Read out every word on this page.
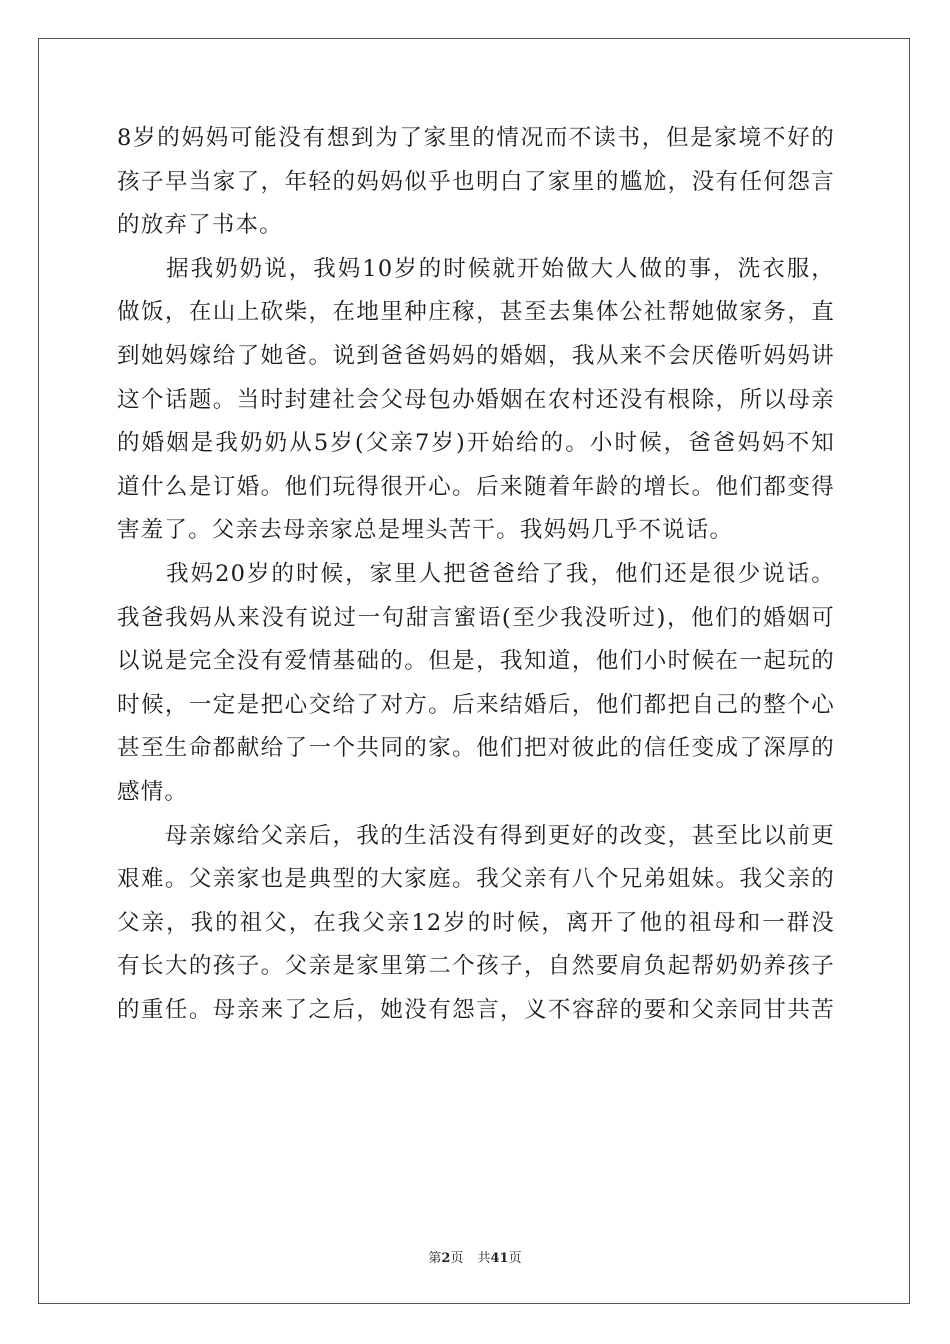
8岁的妈妈可能没有想到为了家里的情况而不读书，但是家境不好的
孩子早当家了，年轻的妈妈似乎也明白了家里的尴尬，没有任何怨言
的放弃了书本。
　　据我奶奶说，我妈10岁的时候就开始做大人做的事，洗衣服，
做饭，在山上砍柴，在地里种庄稼，甚至去集体公社帮她做家务，直
到她妈嫁给了她爸。说到爸爸妈妈的婚姻，我从来不会厌倦听妈妈讲
这个话题。当时封建社会父母包办婚姻在农村还没有根除，所以母亲
的婚姻是我奶奶从5岁(父亲7岁)开始给的。小时候，爸爸妈妈不知
道什么是订婚。他们玩得很开心。后来随着年龄的增长。他们都变得
害羞了。父亲去母亲家总是埋头苦干。我妈妈几乎不说话。
　　我妈20岁的时候，家里人把爸爸给了我，他们还是很少说话。
我爸我妈从来没有说过一句甜言蜜语(至少我没听过)，他们的婚姻可
以说是完全没有爱情基础的。但是，我知道，他们小时候在一起玩的
时候，一定是把心交给了对方。后来结婚后，他们都把自己的整个心
甚至生命都献给了一个共同的家。他们把对彼此的信任变成了深厚的
感情。
　　母亲嫁给父亲后，我的生活没有得到更好的改变，甚至比以前更
艰难。父亲家也是典型的大家庭。我父亲有八个兄弟姐妹。我父亲的
父亲，我的祖父，在我父亲12岁的时候，离开了他的祖母和一群没
有长大的孩子。父亲是家里第二个孩子，自然要肩负起帮奶奶养孩子
的重任。母亲来了之后，她没有怨言，义不容辞的要和父亲同甘共苦
第2页 共41页
